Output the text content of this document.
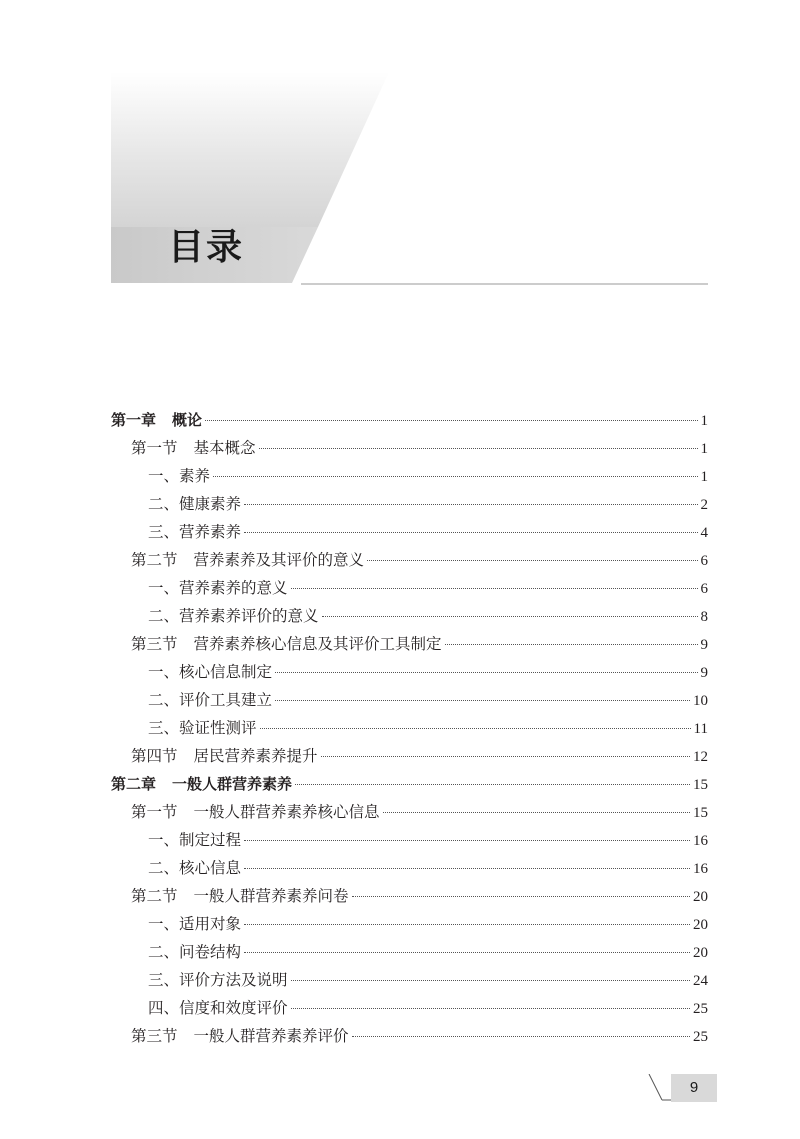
目录
第一章 概论	1
第一节 基本概念	1
一、素养	1
二、健康素养	2
三、营养素养	4
第二节 营养素养及其评价的意义	6
一、营养素养的意义	6
二、营养素养评价的意义	8
第三节 营养素养核心信息及其评价工具制定	9
一、核心信息制定	9
二、评价工具建立	10
三、验证性测评	11
第四节 居民营养素养提升	12
第二章 一般人群营养素养	15
第一节 一般人群营养素养核心信息	15
一、制定过程	16
二、核心信息	16
第二节 一般人群营养素养问卷	20
一、适用对象	20
二、问卷结构	20
三、评价方法及说明	24
四、信度和效度评价	25
第三节 一般人群营养素养评价	25
9
